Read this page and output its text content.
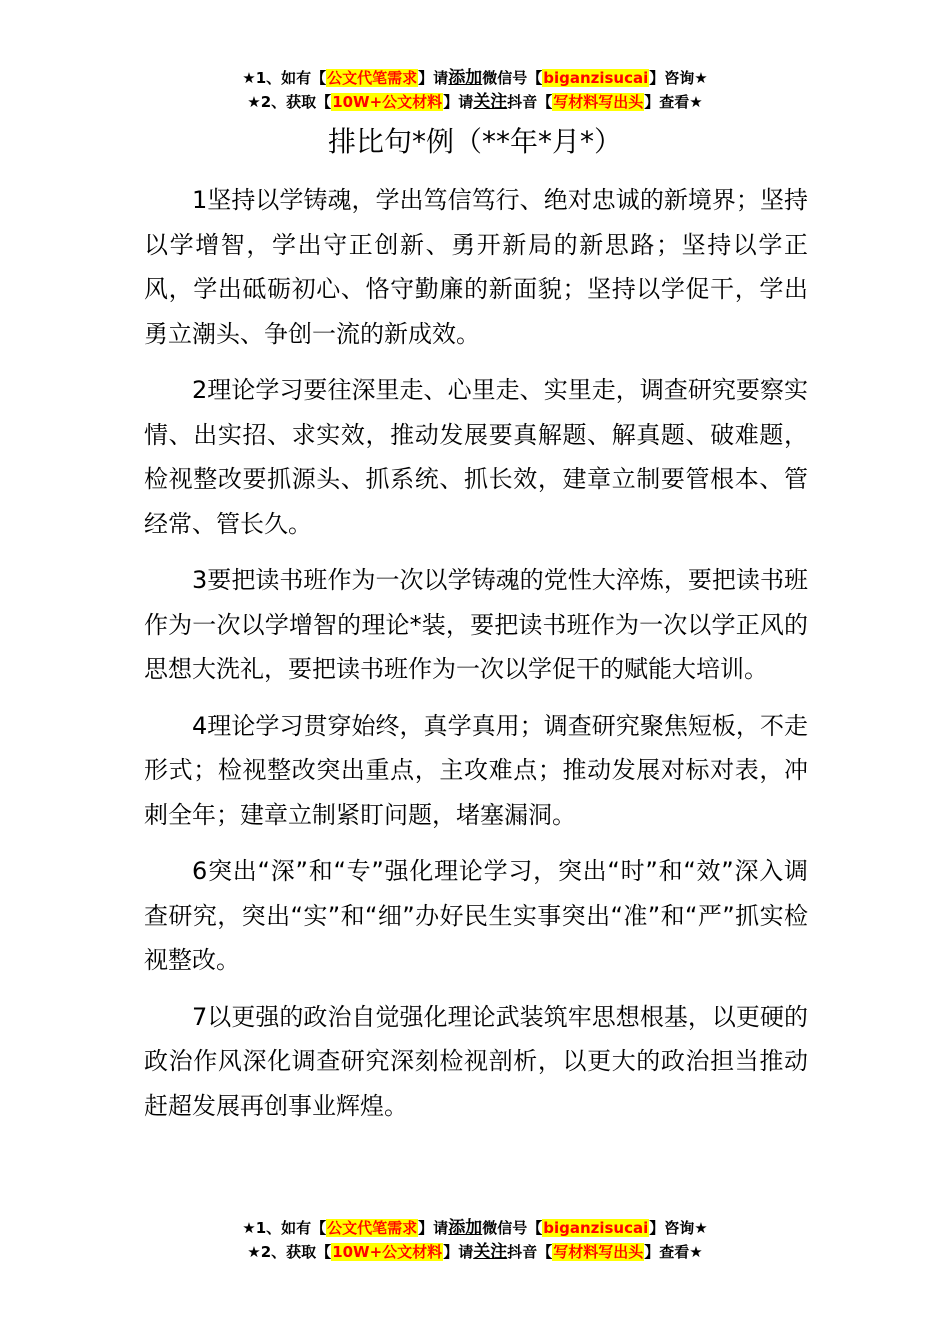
★1、如有【公文代笔需求】请添加微信号【biganzisucai】咨询★
★2、获取【10W+公文材料】请关注抖音【写材料写出头】查看★
排比句*例（**年*月*）

1坚持以学铸魂，学出笃信笃行、绝对忠诚的新境界；坚持以学增智，学出守正创新、勇开新局的新思路；坚持以学正风，学出砥砺初心、恪守勤廉的新面貌；坚持以学促干，学出勇立潮头、争创一流的新成效。

2理论学习要往深里走、心里走、实里走，调查研究要察实情、出实招、求实效，推动发展要真解题、解真题、破难题，检视整改要抓源头、抓系统、抓长效，建章立制要管根本、管经常、管长久。

3要把读书班作为一次以学铸魂的党性大淬炼，要把读书班作为一次以学增智的理论*装，要把读书班作为一次以学正风的思想大洗礼，要把读书班作为一次以学促干的赋能大培训。

4理论学习贯穿始终，真学真用；调查研究聚焦短板，不走形式；检视整改突出重点，主攻难点；推动发展对标对表，冲刺全年；建章立制紧盯问题，堵塞漏洞。

6突出“深”和“专”强化理论学习，突出“时”和“效”深入调查研究，突出“实”和“细”办好民生实事突出“准”和“严”抓实检视整改。

7以更强的政治自觉强化理论武装筑牢思想根基，以更硬的政治作风深化调查研究深刻检视剖析，以更大的政治担当推动赶超发展再创事业辉煌。

★1、如有【公文代笔需求】请添加微信号【biganzisucai】咨询★
★2、获取【10W+公文材料】请关注抖音【写材料写出头】查看★
